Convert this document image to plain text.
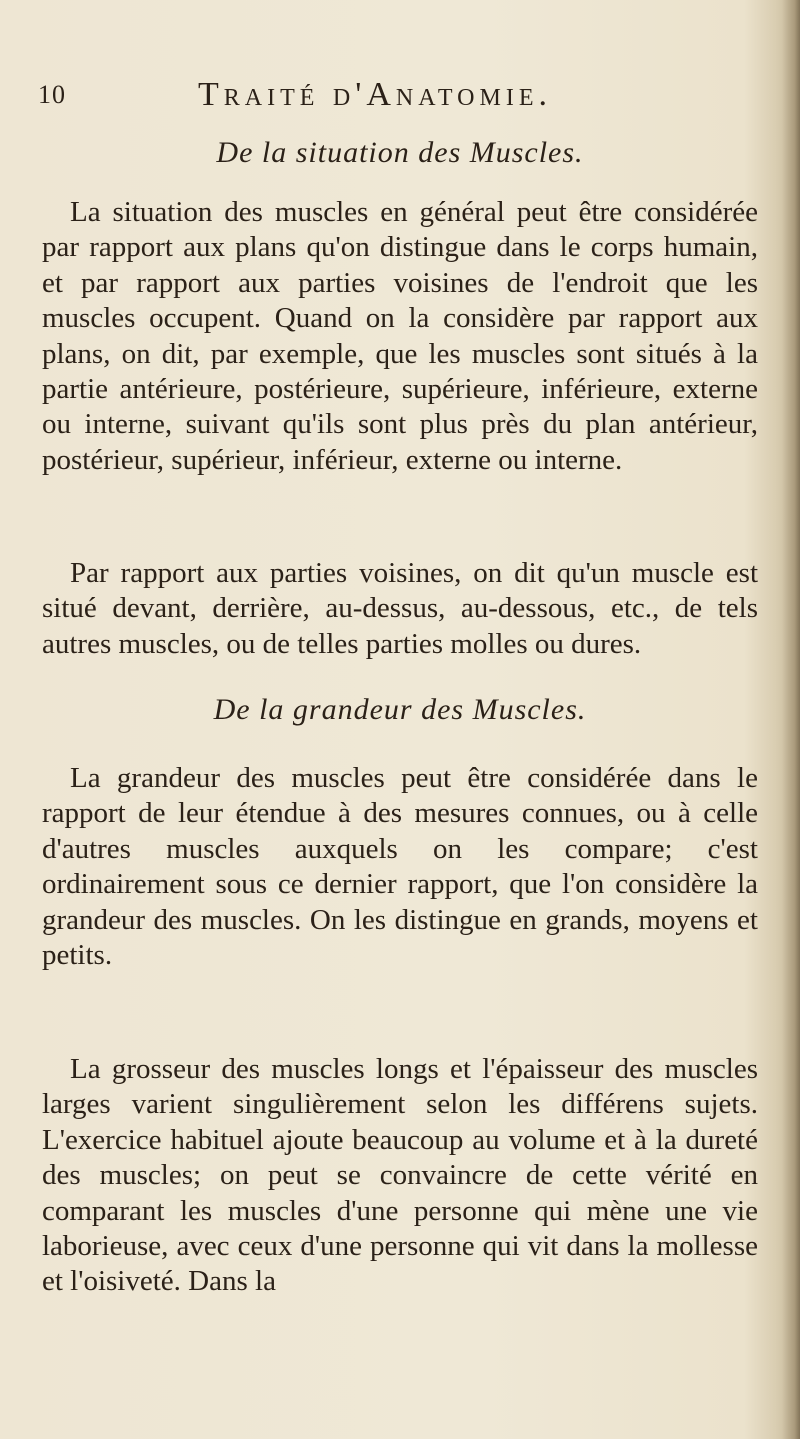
10	Traité d'Anatomie.
De la situation des Muscles.

La situation des muscles en général peut être considérée par rapport aux plans qu'on distingue dans le corps humain, et par rapport aux parties voisines de l'endroit que les muscles occupent. Quand on la considère par rapport aux plans, on dit, par exemple, que les muscles sont situés à la partie antérieure, postérieure, supérieure, inférieure, externe ou interne, suivant qu'ils sont plus près du plan antérieur, postérieur, supérieur, inférieur, externe ou interne.

Par rapport aux parties voisines, on dit qu'un muscle est situé devant, derrière, au-dessus, au-dessous, etc., de tels autres muscles, ou de telles parties molles ou dures.

De la grandeur des Muscles.

La grandeur des muscles peut être considérée dans le rapport de leur étendue à des mesures connues, ou à celle d'autres muscles auxquels on les compare; c'est ordinairement sous ce dernier rapport, que l'on considère la grandeur des muscles. On les distingue en grands, moyens et petits.

La grosseur des muscles longs et l'épaisseur des muscles larges varient singulièrement selon les différens sujets. L'exercice habituel ajoute beaucoup au volume et à la dureté des muscles; on peut se convaincre de cette vérité en comparant les muscles d'une personne qui mène une vie laborieuse, avec ceux d'une personne qui vit dans la mollesse et l'oisiveté. Dans la
